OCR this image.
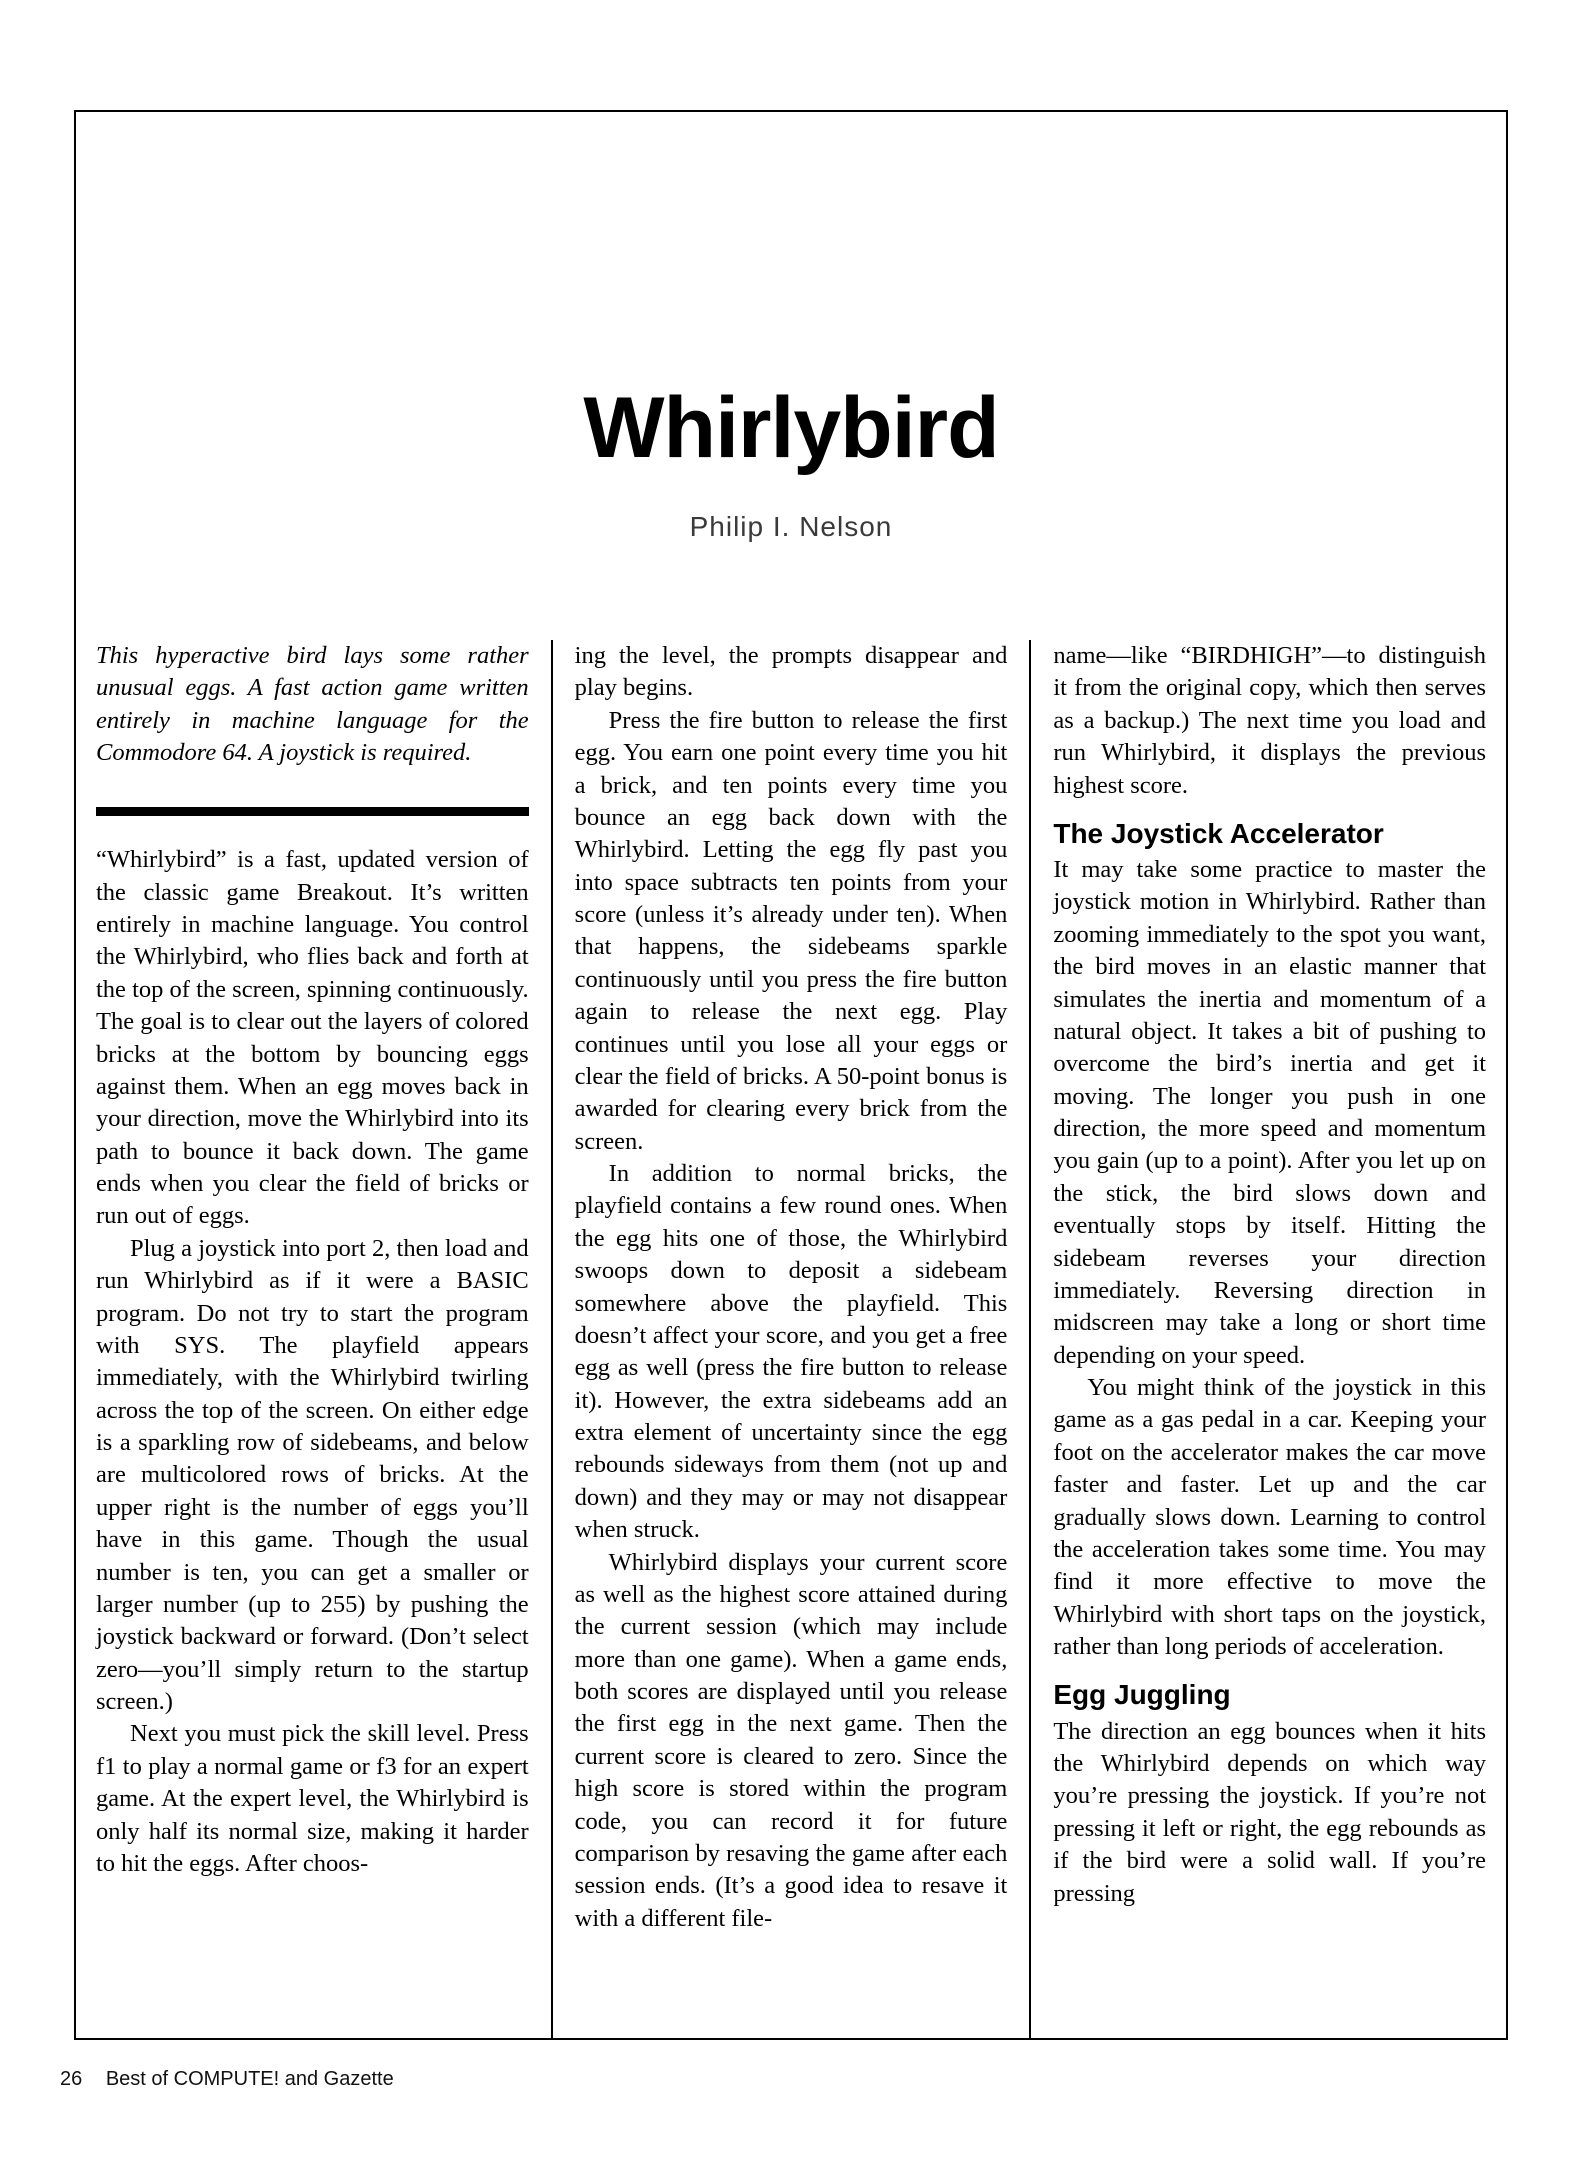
Whirlybird
Philip I. Nelson
This hyperactive bird lays some rather unusual eggs. A fast action game written entirely in machine language for the Commodore 64. A joystick is required.

“Whirlybird” is a fast, updated version of the classic game Breakout. It’s written entirely in machine language. You control the Whirlybird, who flies back and forth at the top of the screen, spinning continuously. The goal is to clear out the layers of colored bricks at the bottom by bouncing eggs against them. When an egg moves back in your direction, move the Whirlybird into its path to bounce it back down. The game ends when you clear the field of bricks or run out of eggs.

Plug a joystick into port 2, then load and run Whirlybird as if it were a BASIC program. Do not try to start the program with SYS. The playfield appears immediately, with the Whirlybird twirling across the top of the screen. On either edge is a sparkling row of sidebeams, and below are multicolored rows of bricks. At the upper right is the number of eggs you’ll have in this game. Though the usual number is ten, you can get a smaller or larger number (up to 255) by pushing the joystick backward or forward. (Don’t select zero—you’ll simply return to the startup screen.)

Next you must pick the skill level. Press f1 to play a normal game or f3 for an expert game. At the expert level, the Whirlybird is only half its normal size, making it harder to hit the eggs. After choos-

ing the level, the prompts disappear and play begins.

Press the fire button to release the first egg. You earn one point every time you hit a brick, and ten points every time you bounce an egg back down with the Whirlybird. Letting the egg fly past you into space subtracts ten points from your score (unless it’s already under ten). When that happens, the sidebeams sparkle continuously until you press the fire button again to release the next egg. Play continues until you lose all your eggs or clear the field of bricks. A 50-point bonus is awarded for clearing every brick from the screen.

In addition to normal bricks, the playfield contains a few round ones. When the egg hits one of those, the Whirlybird swoops down to deposit a sidebeam somewhere above the playfield. This doesn’t affect your score, and you get a free egg as well (press the fire button to release it). However, the extra sidebeams add an extra element of uncertainty since the egg rebounds sideways from them (not up and down) and they may or may not disappear when struck.

Whirlybird displays your current score as well as the highest score attained during the current session (which may include more than one game). When a game ends, both scores are displayed until you release the first egg in the next game. Then the current score is cleared to zero. Since the high score is stored within the program code, you can record it for future comparison by resaving the game after each session ends. (It’s a good idea to resave it with a different file-

name—like “BIRDHIGH”—to distinguish it from the original copy, which then serves as a backup.) The next time you load and run Whirlybird, it displays the previous highest score.

The Joystick Accelerator

It may take some practice to master the joystick motion in Whirlybird. Rather than zooming immediately to the spot you want, the bird moves in an elastic manner that simulates the inertia and momentum of a natural object. It takes a bit of pushing to overcome the bird’s inertia and get it moving. The longer you push in one direction, the more speed and momentum you gain (up to a point). After you let up on the stick, the bird slows down and eventually stops by itself. Hitting the sidebeam reverses your direction immediately. Reversing direction in midscreen may take a long or short time depending on your speed.

You might think of the joystick in this game as a gas pedal in a car. Keeping your foot on the accelerator makes the car move faster and faster. Let up and the car gradually slows down. Learning to control the acceleration takes some time. You may find it more effective to move the Whirlybird with short taps on the joystick, rather than long periods of acceleration.

Egg Juggling

The direction an egg bounces when it hits the Whirlybird depends on which way you’re pressing the joystick. If you’re not pressing it left or right, the egg rebounds as if the bird were a solid wall. If you’re pressing

26 Best of COMPUTE! and Gazette
